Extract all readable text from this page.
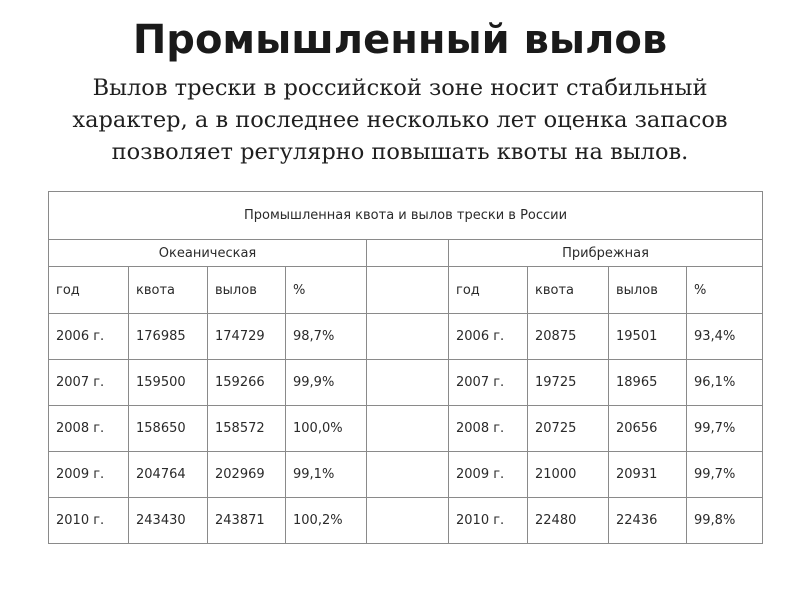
Промышленный вылов
Вылов трески в российской зоне носит стабильный характер, а в последнее несколько лет оценка запасов позволяет регулярно повышать квоты на вылов.
Промышленная квота и вылов трески в России								
Океаническая					Прибрежная			
год	квота	вылов	%		год	квота	вылов	%
2006 г.	176985	174729	98,7%		2006 г.	20875	19501	93,4%
2007 г.	159500	159266	99,9%		2007 г.	19725	18965	96,1%
2008 г.	158650	158572	100,0%		2008 г.	20725	20656	99,7%
2009 г.	204764	202969	99,1%		2009 г.	21000	20931	99,7%
2010 г.	243430	243871	100,2%		2010 г.	22480	22436	99,8%
